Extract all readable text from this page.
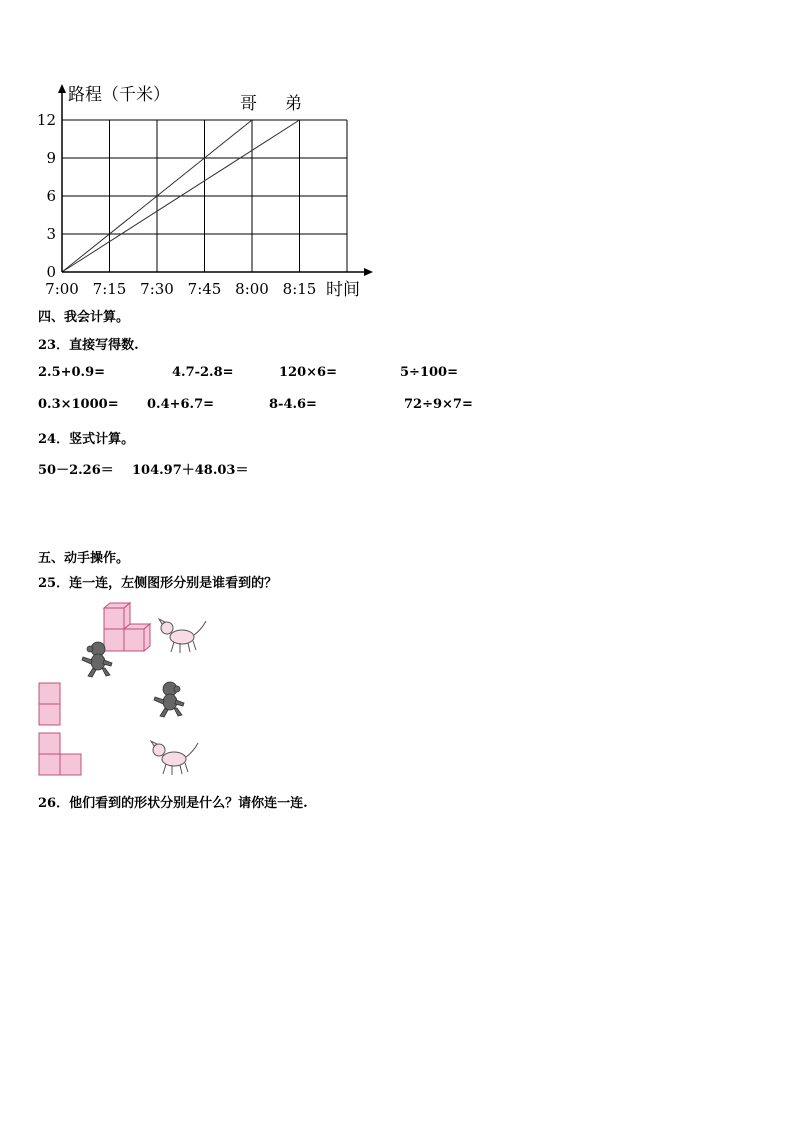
0
3
6
9
12
7:00 7:15 7:30 7:45 8:00 8:15
路程（千米）
时间
哥 弟
四、我会计算。
23．直接写得数.
2.5+0.9=	4.7-2.8=	120×6=	5÷100=
0.3×1000= 0.4+6.7=	8-4.6=	72÷9×7=
24．竖式计算。
50－2.26＝ 104.97＋48.03＝
五、动手操作。
25．连一连，左侧图形分别是谁看到的？
26．他们看到的形状分别是什么？请你连一连.
